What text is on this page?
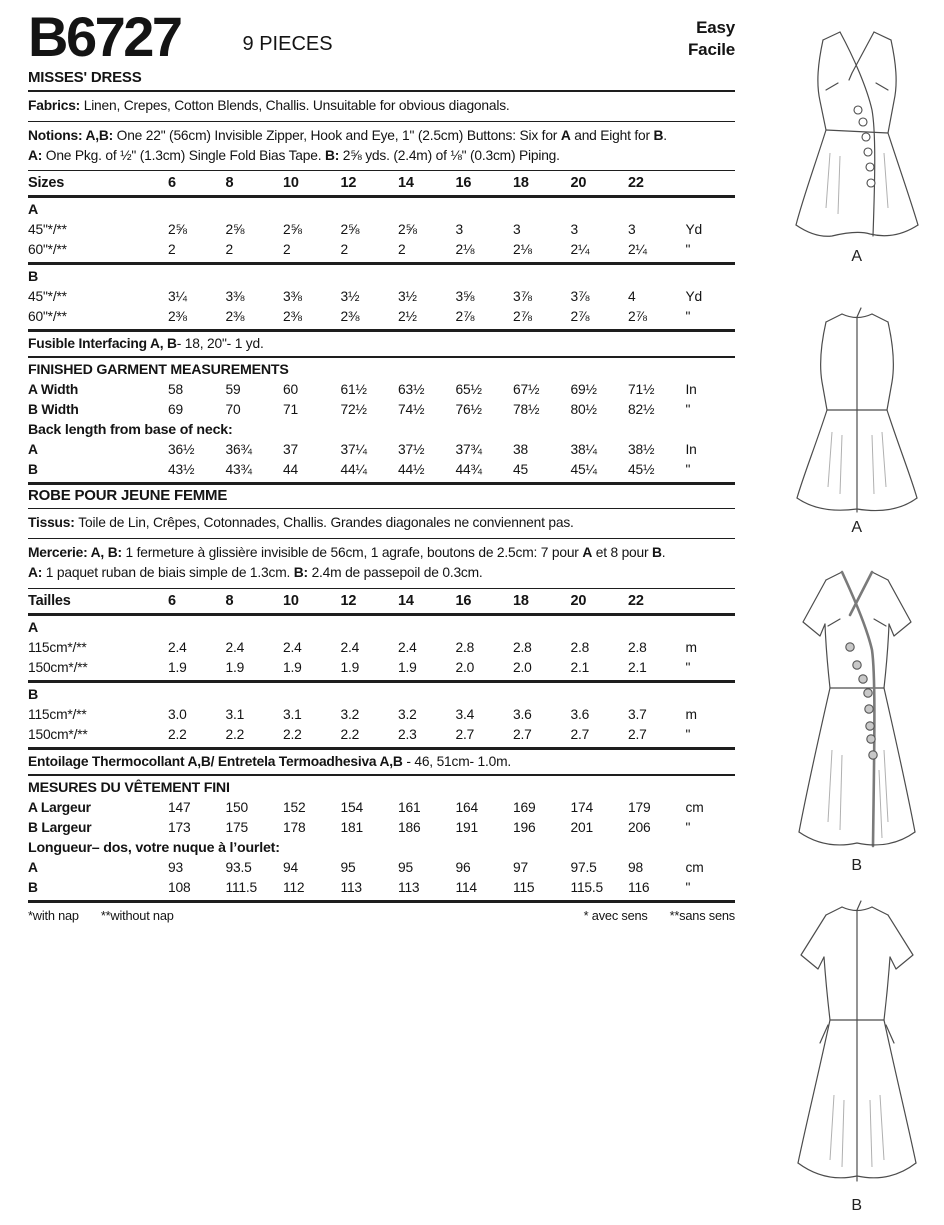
B6727	9 PIECES
Easy
Facile
MISSES' DRESS
Fabrics: Linen, Crepes, Cotton Blends, Challis. Unsuitable for obvious diagonals.
Notions: A,B: One 22" (56cm) Invisible Zipper, Hook and Eye, 1" (2.5cm) Buttons: Six for A and Eight for B.
A: One Pkg. of ½" (1.3cm) Single Fold Bias Tape. B: 2⅝ yds. (2.4m) of ⅛" (0.3cm) Piping.
Sizes	6	8	10	12	14	16	18	20	22
A
45"*/**	2⅝	2⅝	2⅝	2⅝	2⅝	3	3	3	3	Yd
60"*/**	2	2	2	2	2	2⅛	2⅛	2¼	2¼	"
B
45"*/**	3¼	3⅜	3⅜	3½	3½	3⅝	3⅞	3⅞	4	Yd
60"*/**	2⅜	2⅜	2⅜	2⅜	2½	2⅞	2⅞	2⅞	2⅞	"
Fusible Interfacing A, B- 18, 20"- 1 yd.
FINISHED GARMENT MEASUREMENTS
A Width	58	59	60	61½	63½	65½	67½	69½	71½	In
B Width	69	70	71	72½	74½	76½	78½	80½	82½	"
Back length from base of neck:
A	36½	36¾	37	37¼	37½	37¾	38	38¼	38½	In
B	43½	43¾	44	44¼	44½	44¾	45	45¼	45½	"
ROBE POUR JEUNE FEMME
Tissus: Toile de Lin, Crêpes, Cotonnades, Challis. Grandes diagonales ne conviennent pas.
Mercerie: A, B: 1 fermeture à glissière invisible de 56cm, 1 agrafe, boutons de 2.5cm: 7 pour A et 8 pour B.
A: 1 paquet ruban de biais simple de 1.3cm. B: 2.4m de passepoil de 0.3cm.
Tailles	6	8	10	12	14	16	18	20	22
A
115cm*/**	2.4	2.4	2.4	2.4	2.4	2.8	2.8	2.8	2.8	m
150cm*/**	1.9	1.9	1.9	1.9	1.9	2.0	2.0	2.1	2.1	"
B
115cm*/**	3.0	3.1	3.1	3.2	3.2	3.4	3.6	3.6	3.7	m
150cm*/**	2.2	2.2	2.2	2.2	2.3	2.7	2.7	2.7	2.7	"
Entoilage Thermocollant A,B/ Entretela Termoadhesiva A,B - 46, 51cm- 1.0m.
MESURES DU VÊTEMENT FINI
A Largeur	147	150	152	154	161	164	169	174	179	cm
B Largeur	173	175	178	181	186	191	196	201	206	"
Longueur– dos, votre nuque à l’ourlet:
A	93	93.5	94	95	95	96	97	97.5	98	cm
B	108	111.5	112	113	113	114	115	115.5	116	"
*with nap **without nap	* avec sens **sans sens
A
A
B
B
